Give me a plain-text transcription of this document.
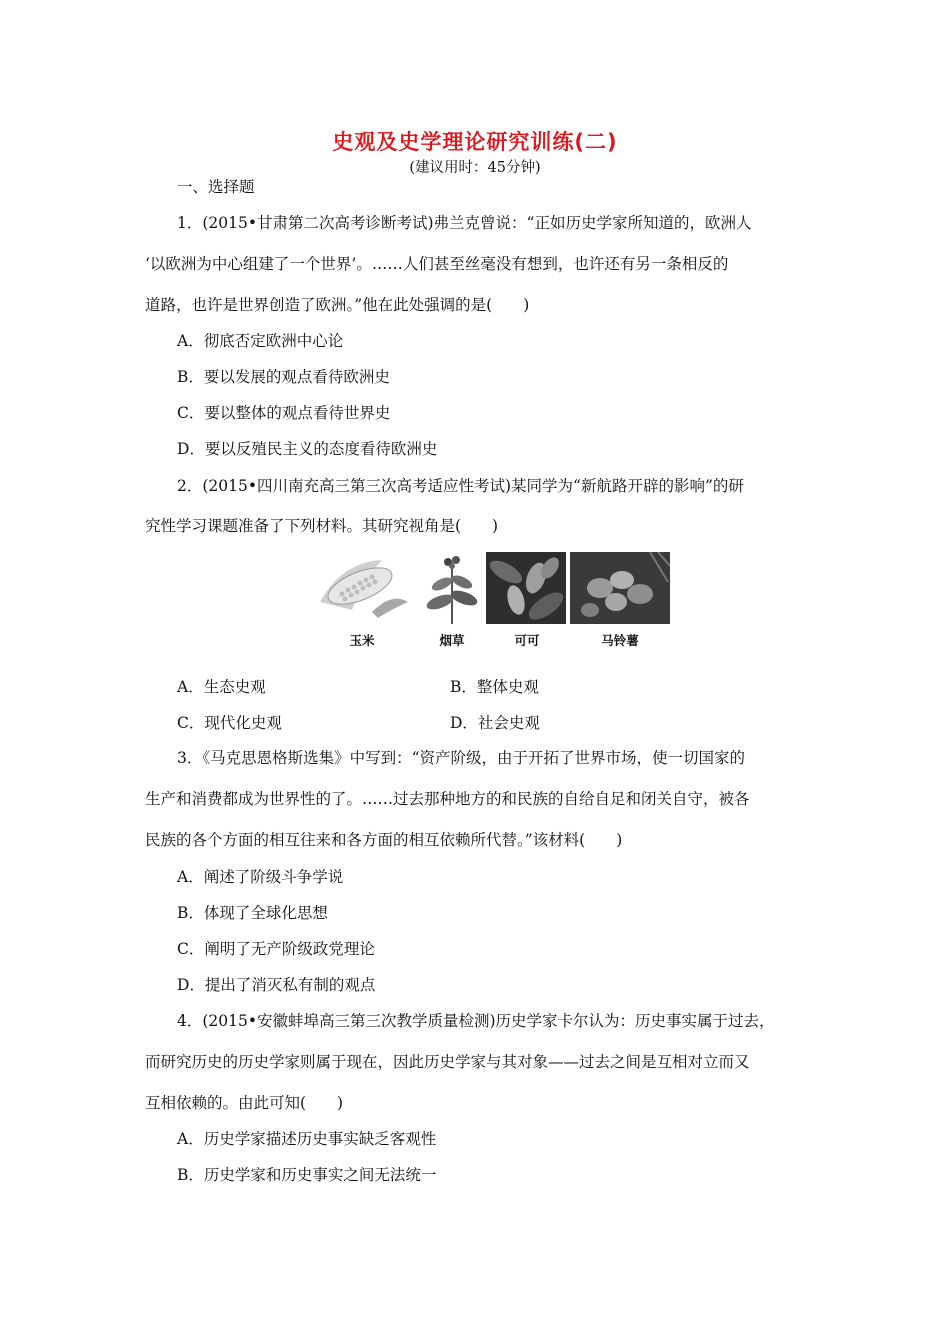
史观及史学理论研究训练(二)
(建议用时：45分钟)
一、选择题
1．(2015•甘肃第二次高考诊断考试)弗兰克曾说：“正如历史学家所知道的，欧洲人
‘以欧洲为中心组建了一个世界’。……人们甚至丝毫没有想到，也许还有另一条相反的
道路，也许是世界创造了欧洲。”他在此处强调的是(　　)
A．彻底否定欧洲中心论
B．要以发展的观点看待欧洲史
C．要以整体的观点看待世界史
D．要以反殖民主义的态度看待欧洲史
2．(2015•四川南充高三第三次高考适应性考试)某同学为“新航路开辟的影响”的研
究性学习课题准备了下列材料。其研究视角是(　　)
玉米	烟草	可可	马铃薯
A．生态史观	B．整体史观
C．现代化史观	D．社会史观
3．《马克思恩格斯选集》中写到：“资产阶级，由于开拓了世界市场，使一切国家的
生产和消费都成为世界性的了。……过去那种地方的和民族的自给自足和闭关自守，被各
民族的各个方面的相互往来和各方面的相互依赖所代替。”该材料(　　)
A．阐述了阶级斗争学说
B．体现了全球化思想
C．阐明了无产阶级政党理论
D．提出了消灭私有制的观点
4．(2015•安徽蚌埠高三第三次教学质量检测)历史学家卡尔认为：历史事实属于过去，
而研究历史的历史学家则属于现在，因此历史学家与其对象——过去之间是互相对立而又
互相依赖的。由此可知(　　)
A．历史学家描述历史事实缺乏客观性
B．历史学家和历史事实之间无法统一
